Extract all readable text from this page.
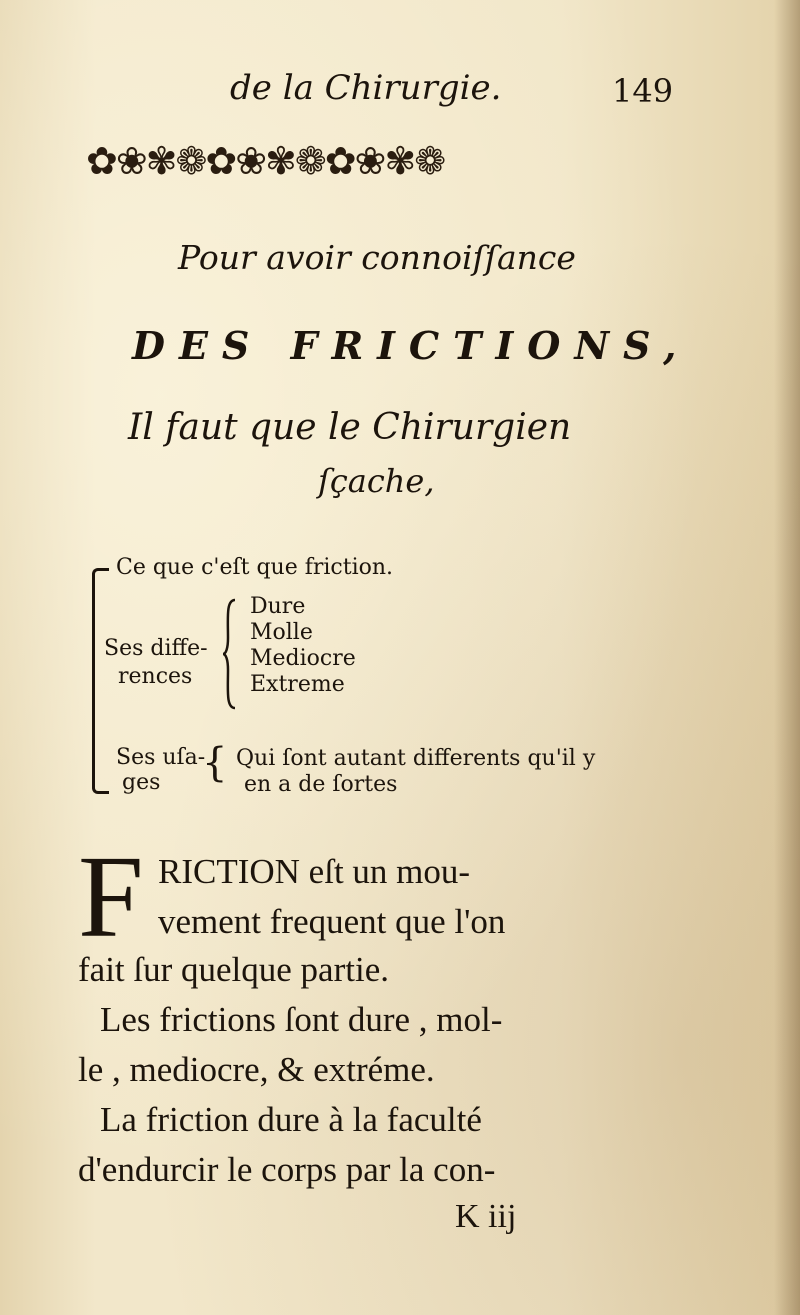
de la Chirurgie.	149
✿❀✾❁✿❀✾❁✿❀✾❁
Pour avoir connoiſſance
DES FRICTIONS,
Il faut que le Chirurgien
ſçache,
Ce que c'eſt que friction.
Ses diffe-
rences
Dure
Molle
Mediocre
Extreme
Ses uſa-
ges { Qui ſont autant differents qu'il y
en a de ſortes
F RICTION eſt un mou-
vement frequent que l'on
fait ſur quelque partie.
Les frictions ſont dure , mol-
le , mediocre, & extréme.
La friction dure à la faculté
d'endurcir le corps par la con-
K iij
